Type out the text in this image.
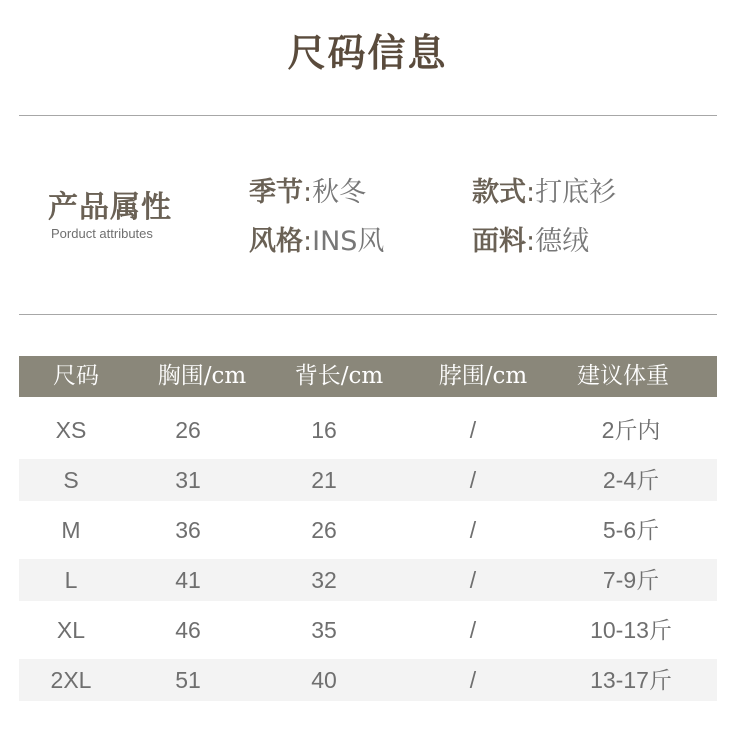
尺码信息
产品属性
Porduct attributes
季节:秋冬	款式:打底衫
风格:INS风	面料:德绒
尺码	胸围/cm 背长/cm 脖围/cm 建议体重
XS	26	16	/	2斤内
S	31	21	/	2-4斤
M	36	26	/	5-6斤
L	41	32	/	7-9斤
XL	46	35	/	10-13斤
2XL	51	40	/	13-17斤
